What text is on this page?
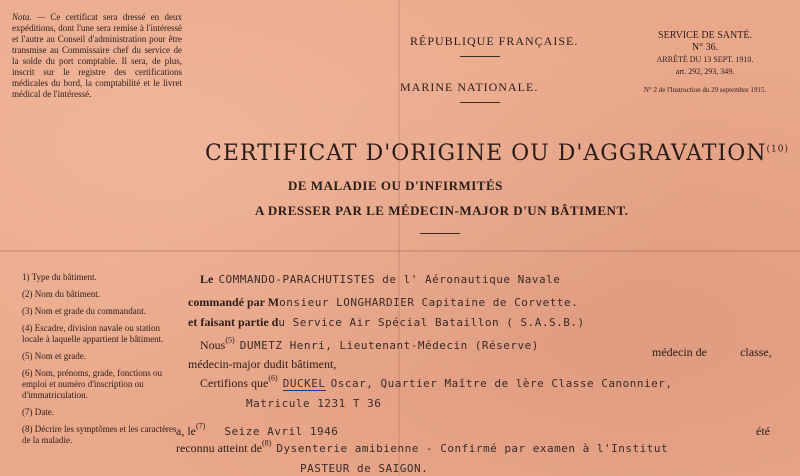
Nota. — Ce certificat sera dressé en deux expéditions, dont l'une sera remise à l'intéressé et l'autre au Conseil d'administration pour être transmise au Commissaire chef du service de la solde du port comptable. Il sera, de plus, inscrit sur le registre des certifications médicales du bord, la comptabilité et le livret médical de l'intéressé.
RÉPUBLIQUE FRANÇAISE.
MARINE NATIONALE.
SERVICE DE SANTÉ.
N° 36.
ARRÊTÉ DU 13 SEPT. 1910.
art. 292, 293, 349.
N° 2 de l'Instruction du 29 septembre 1915.
CERTIFICAT D'ORIGINE OU D'AGGRAVATION$^{(10)}$
DE MALADIE OU D'INFIRMITÉS
A DRESSER PAR LE MÉDECIN-MAJOR D'UN BÂTIMENT.
1) Type du bâtiment.
(2) Nom du bâtiment.
(3) Nom et grade du commandant.
(4) Escadre, division navale ou station locale à laquelle appartient le bâtiment.
(5) Nom et grade.
(6) Nom, prénoms, grade, fonctions ou emploi et numéro d'inscription ou d'immatriculation.
(7) Date.
(8) Décrire les symptômes et les caractères de la maladie.
Le COMMANDO-PARACHUTISTES de l' Aéronautique Navale
commandé par Monsieur LONGHARDIER Capitaine de Corvette.
et faisant partie du Service Air Spécial Bataillon ( S.A.S.B.)
Nous$^{(5)}$ DUMETZ Henri, Lieutenant-Médecin (Réserve)	médecin de	classe,
médecin-major dudit bâtiment,
Certifions que$^{(6)}$ DUCKEL Oscar, Quartier Maître de lère Classe Canonnier,
Matricule 1231 T 36
a, $le^{(7)}$ Seize Avril 1946	été
reconnu atteint $de^{(8)}$ Dysenterie amibienne - Confirmé par examen à l'Institut
PASTEUR de SAIGON.
